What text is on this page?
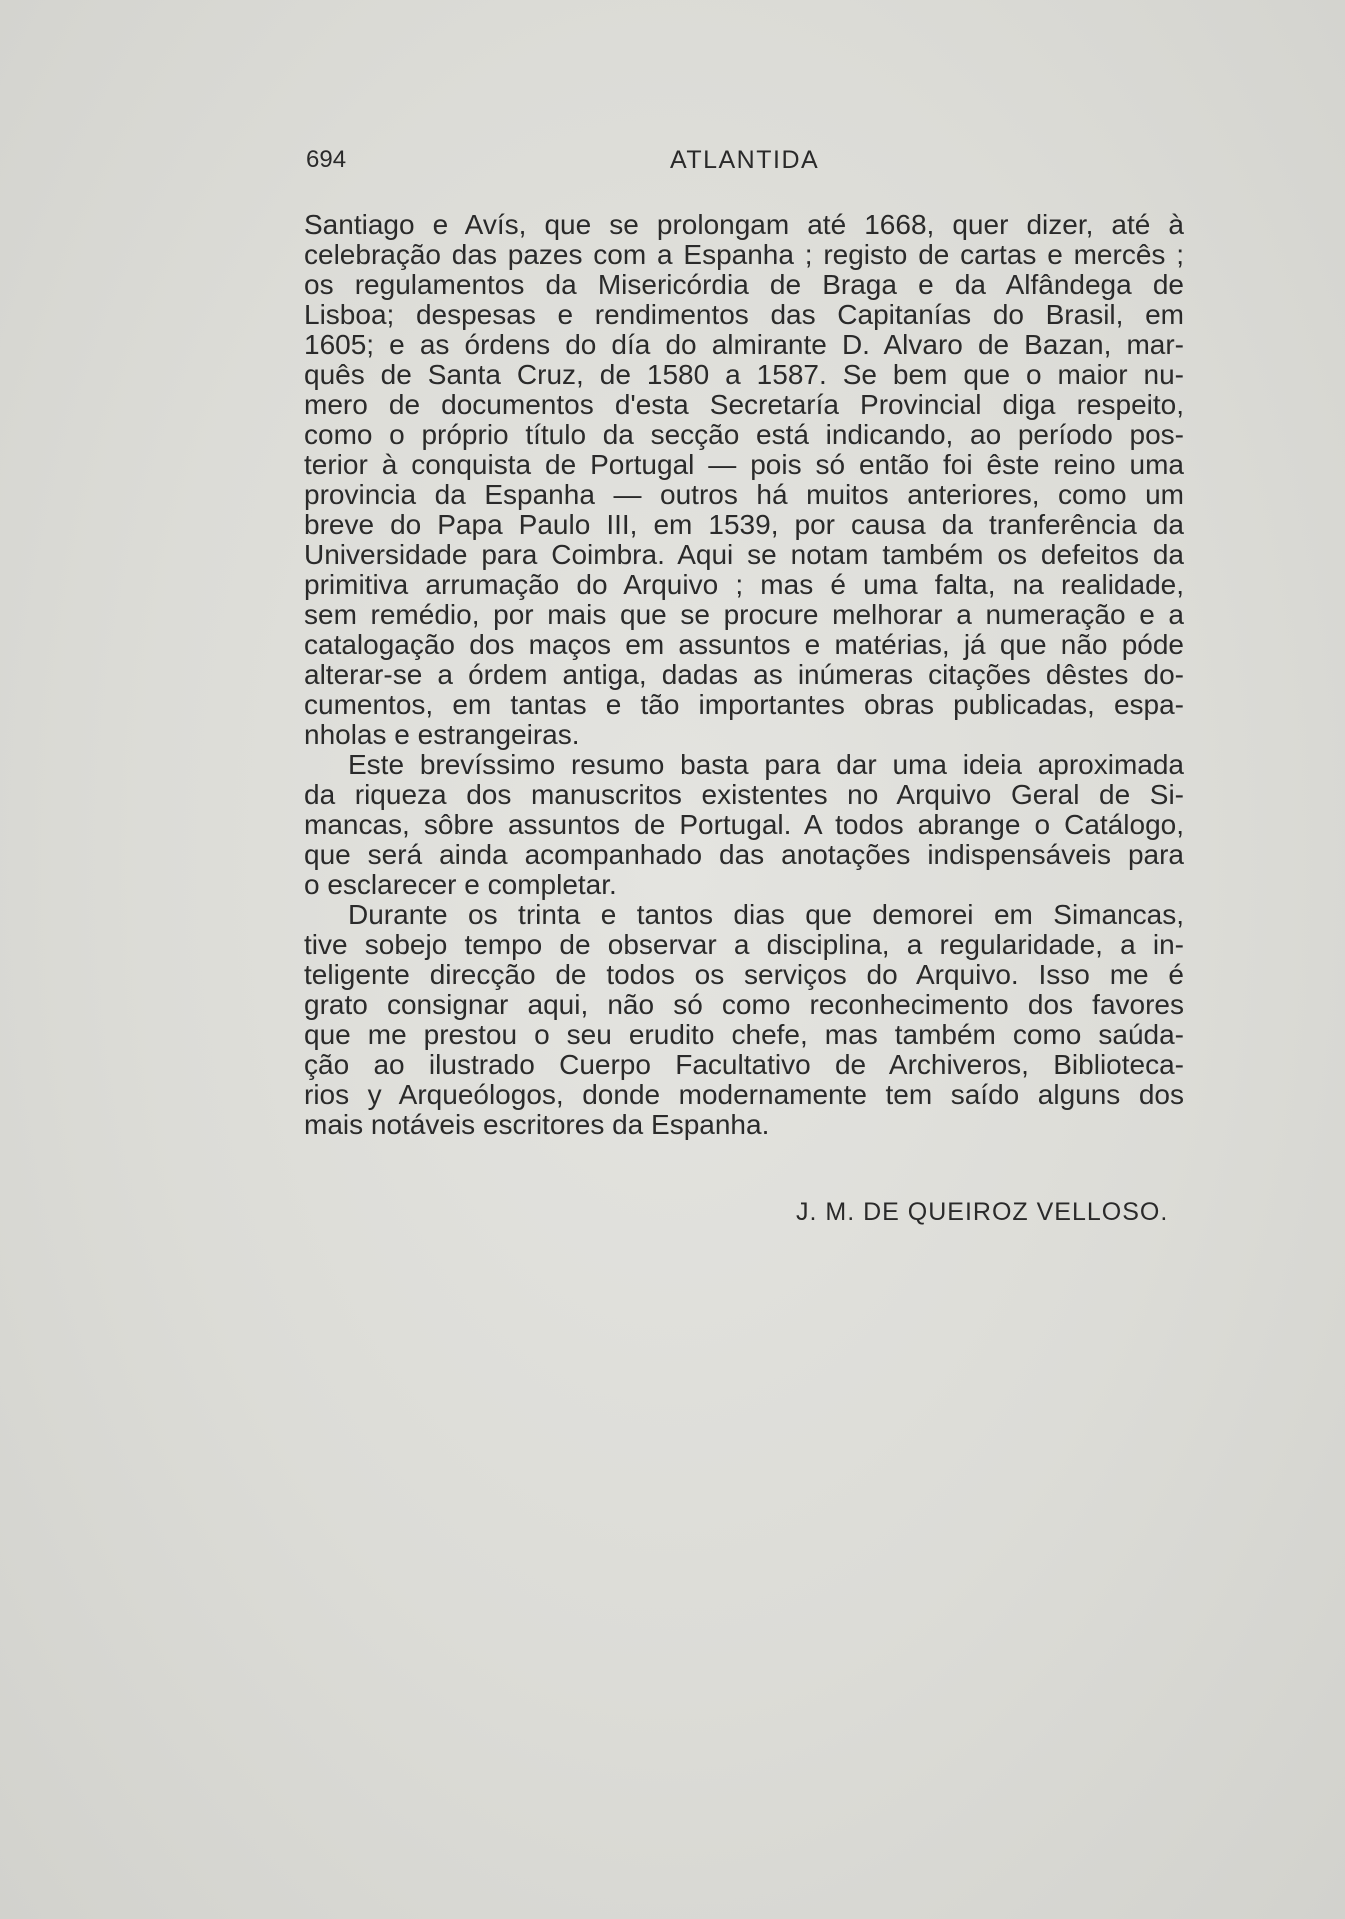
694	ATLANTIDA
Santiago e Avís, que se prolongam até 1668, quer dizer, até à
celebração das pazes com a Espanha ; registo de cartas e mercês ;
os regulamentos da Misericórdia de Braga e da Alfândega de
Lisboa; despesas e rendimentos das Capitanías do Brasil, em
1605; e as órdens do día do almirante D. Alvaro de Bazan, mar-
quês de Santa Cruz, de 1580 a 1587. Se bem que o maior nu-
mero de documentos d'esta Secretaría Provincial diga respeito,
como o próprio título da secção está indicando, ao período pos-
terior à conquista de Portugal — pois só então foi êste reino uma
provincia da Espanha — outros há muitos anteriores, como um
breve do Papa Paulo III, em 1539, por causa da tranferência da
Universidade para Coimbra. Aqui se notam também os defeitos da
primitiva arrumação do Arquivo ; mas é uma falta, na realidade,
sem remédio, por mais que se procure melhorar a numeração e a
catalogação dos maços em assuntos e matérias, já que não póde
alterar-se a órdem antiga, dadas as inúmeras citações dêstes do-
cumentos, em tantas e tão importantes obras publicadas, espa-
nholas e estrangeiras.
Este brevíssimo resumo basta para dar uma ideia aproximada
da riqueza dos manuscritos existentes no Arquivo Geral de Si-
mancas, sôbre assuntos de Portugal. A todos abrange o Catálogo,
que será ainda acompanhado das anotações indispensáveis para
o esclarecer e completar.
Durante os trinta e tantos dias que demorei em Simancas,
tive sobejo tempo de observar a disciplina, a regularidade, a in-
teligente direcção de todos os serviços do Arquivo. Isso me é
grato consignar aqui, não só como reconhecimento dos favores
que me prestou o seu erudito chefe, mas também como saúda-
ção ao ilustrado Cuerpo Facultativo de Archiveros, Biblioteca-
rios y Arqueólogos, donde modernamente tem saído alguns dos
mais notáveis escritores da Espanha.
J. M. DE QUEIROZ VELLOSO.
